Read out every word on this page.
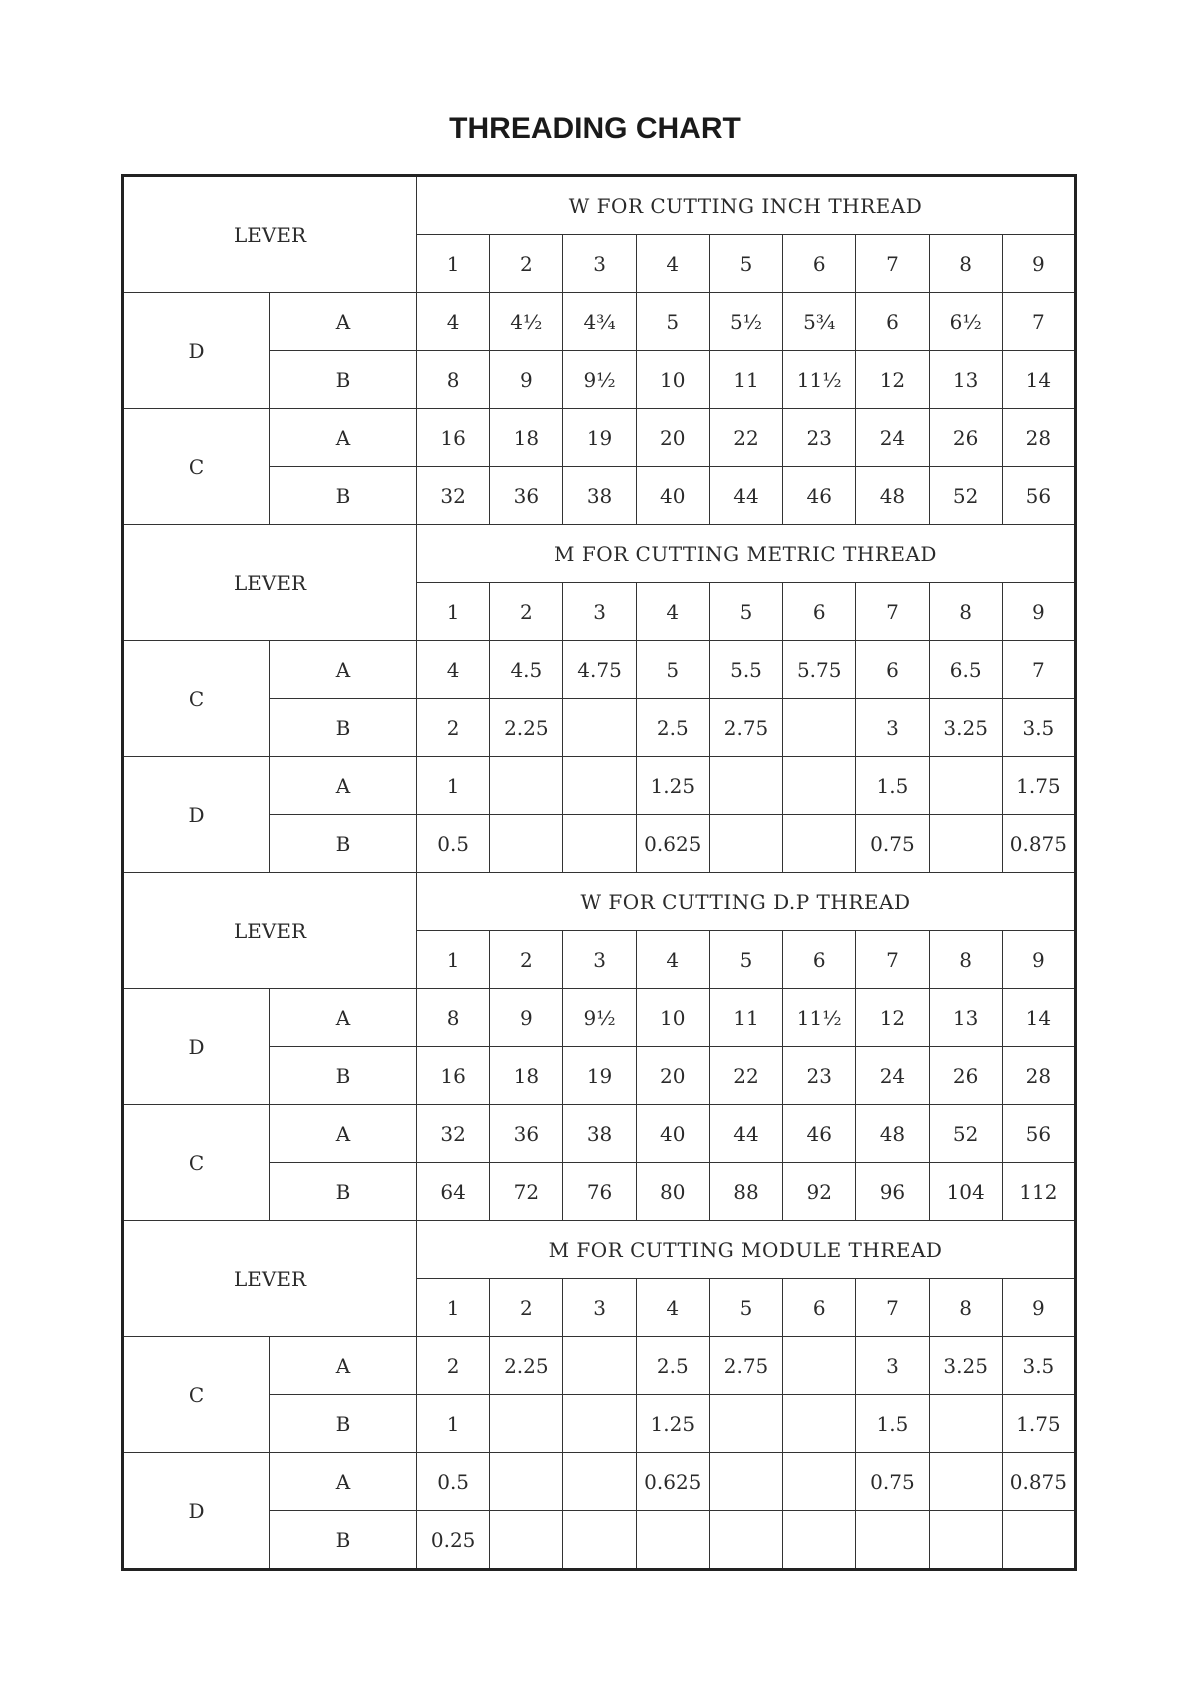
THREADING CHART
LEVER		W FOR CUTTING INCH THREAD								
		1	2	3	4	5	6	7	8	9
D	A	4	4½	4¾	5	5½	5¾	6	6½	7
	B	8	9	9½	10	11	11½	12	13	14
C	A	16	18	19	20	22	23	24	26	28
	B	32	36	38	40	44	46	48	52	56
LEVER		M FOR CUTTING METRIC THREAD								
		1	2	3	4	5	6	7	8	9
C	A	4	4.5	4.75	5	5.5	5.75	6	6.5	7
	B	2	2.25		2.5	2.75		3	3.25	3.5
D	A	1			1.25			1.5		1.75
	B	0.5			0.625			0.75		0.875
LEVER		W FOR CUTTING D.P THREAD								
		1	2	3	4	5	6	7	8	9
D	A	8	9	9½	10	11	11½	12	13	14
	B	16	18	19	20	22	23	24	26	28
C	A	32	36	38	40	44	46	48	52	56
	B	64	72	76	80	88	92	96	104	112
LEVER		M FOR CUTTING MODULE THREAD								
		1	2	3	4	5	6	7	8	9
C	A	2	2.25		2.5	2.75		3	3.25	3.5
	B	1			1.25			1.5		1.75
D	A	0.5			0.625			0.75		0.875
	B	0.25								
